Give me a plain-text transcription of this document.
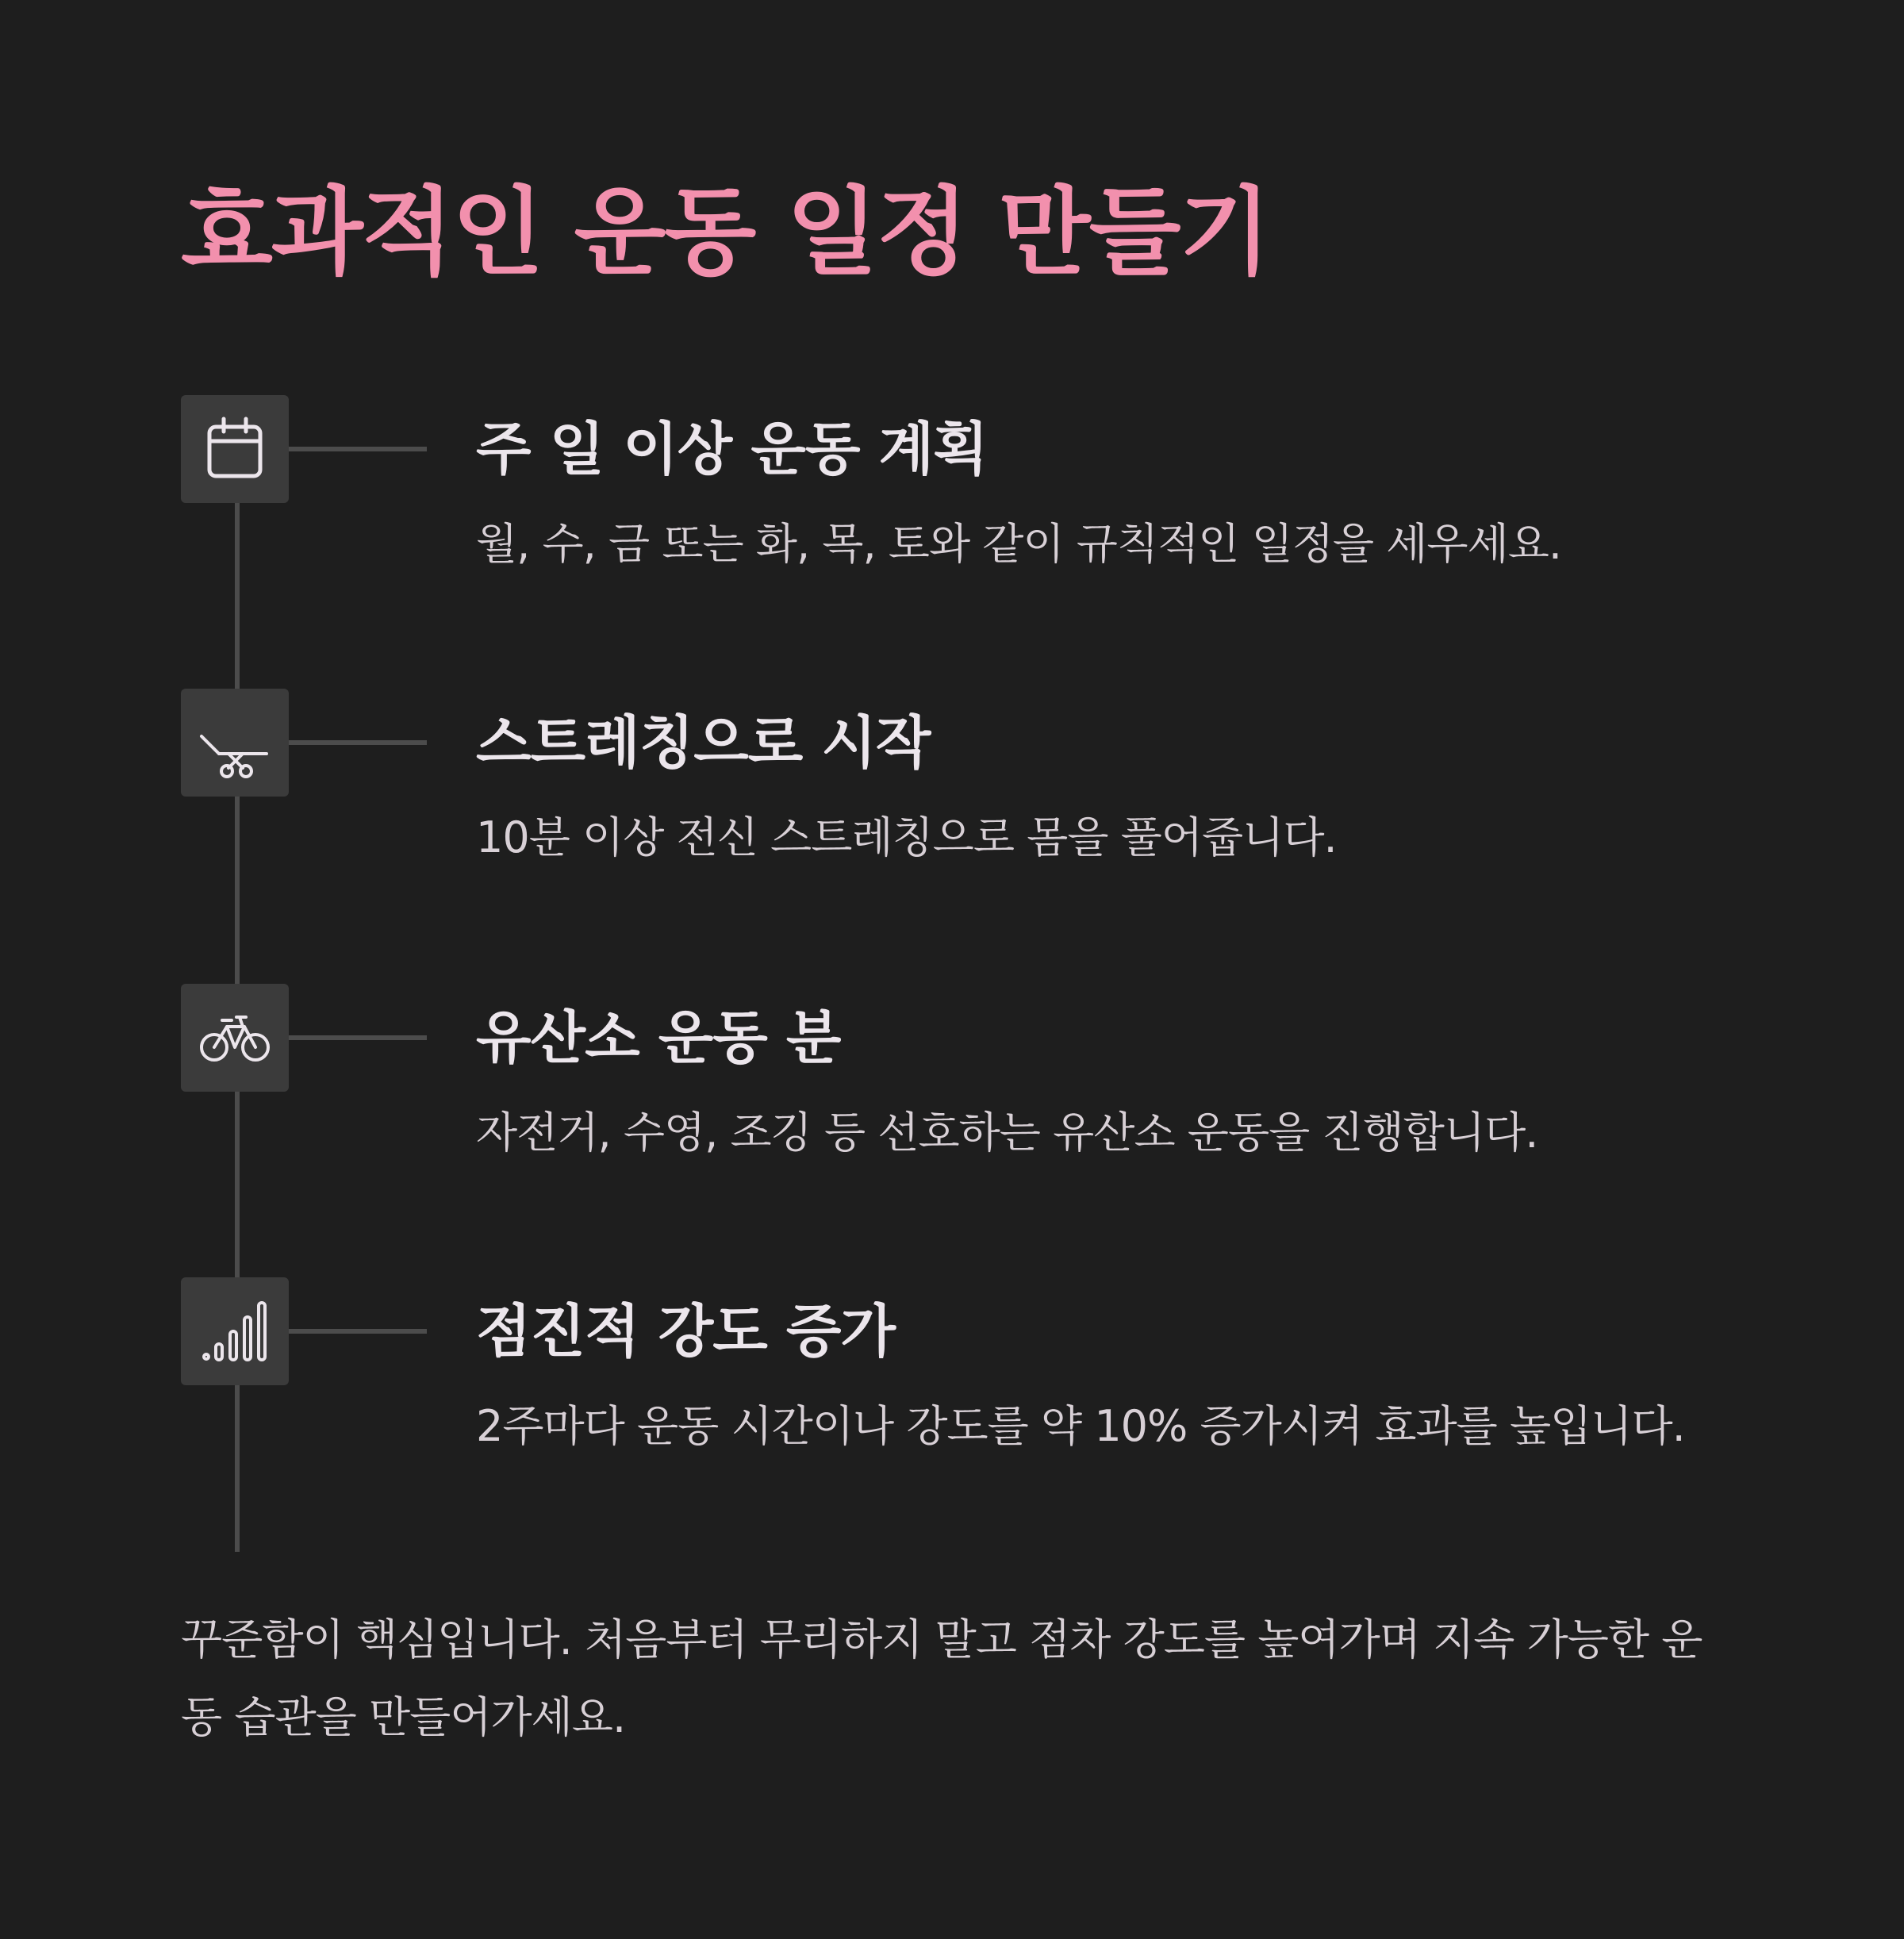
효과적인 운동 일정 만들기
주 일 이상 운동 계획

월, 수, 금 또는 화, 목, 토와 같이 규칙적인 일정을 세우세요.

스트레칭으로 시작

10분 이상 전신 스트레칭으로 몸을 풀어줍니다.

유산소 운동 분

자전거, 수영, 조깅 등 선호하는 유산소 운동을 진행합니다.

점진적 강도 증가

2주마다 운동 시간이나 강도를 약 10% 증가시켜 효과를 높입니다.

꾸준함이 핵심입니다. 처음부터 무리하지 말고 점차 강도를 높여가며 지속 가능한 운동 습관을 만들어가세요.
